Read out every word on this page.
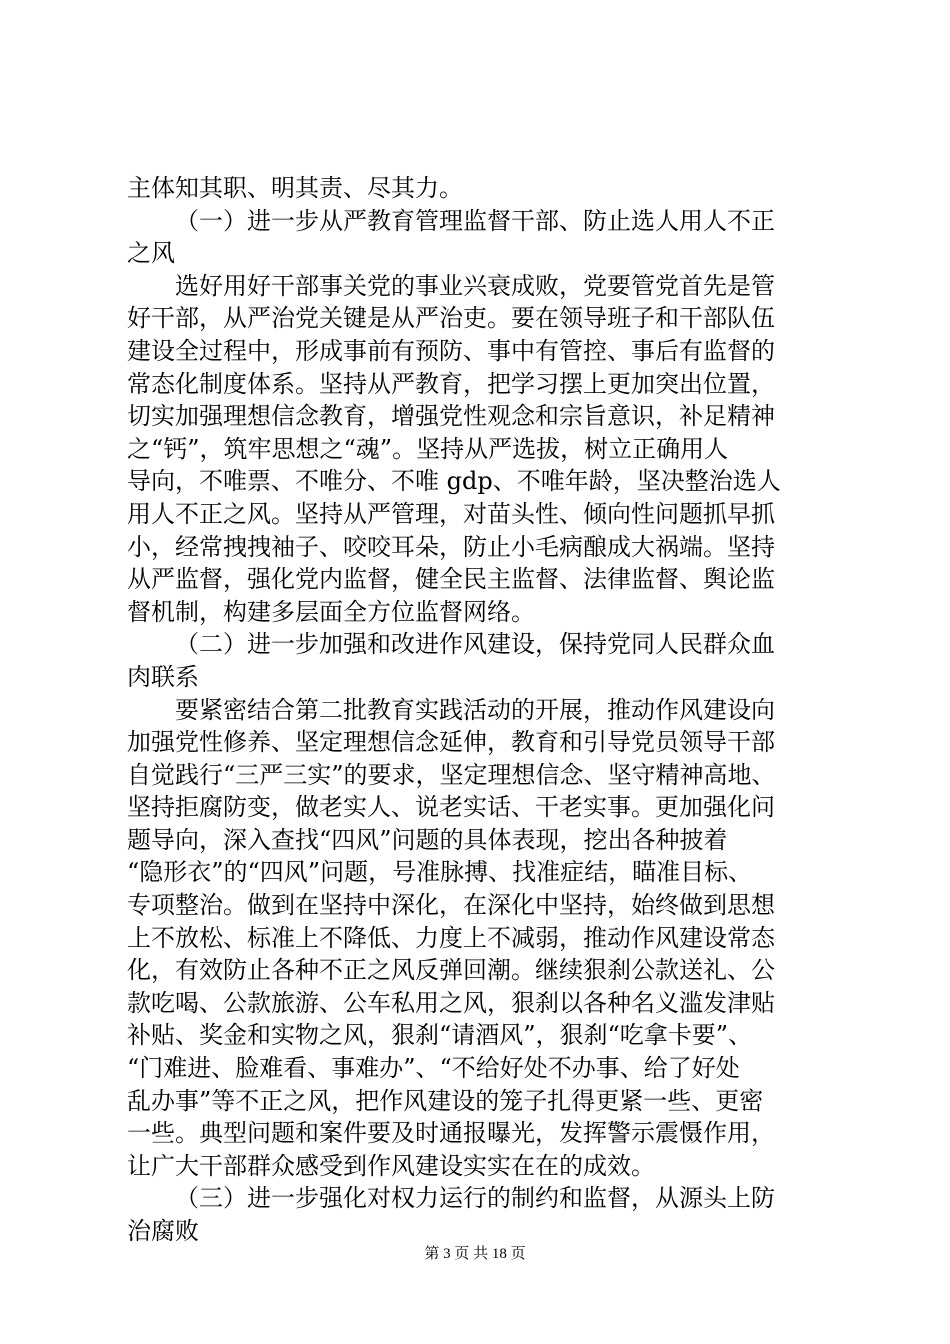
主体知其职、明其责、尽其力。
（一）进一步从严教育管理监督干部、防止选人用人不正
之风
选好用好干部事关党的事业兴衰成败，党要管党首先是管
好干部，从严治党关键是从严治吏。要在领导班子和干部队伍
建设全过程中，形成事前有预防、事中有管控、事后有监督的
常态化制度体系。坚持从严教育，把学习摆上更加突出位置，
切实加强理想信念教育，增强党性观念和宗旨意识，补足精神
之“钙”，筑牢思想之“魂”。坚持从严选拔，树立正确用人
导向，不唯票、不唯分、不唯 gdp、不唯年龄，坚决整治选人
用人不正之风。坚持从严管理，对苗头性、倾向性问题抓早抓
小，经常拽拽袖子、咬咬耳朵，防止小毛病酿成大祸端。坚持
从严监督，强化党内监督，健全民主监督、法律监督、舆论监
督机制，构建多层面全方位监督网络。
（二）进一步加强和改进作风建设，保持党同人民群众血
肉联系
要紧密结合第二批教育实践活动的开展，推动作风建设向
加强党性修养、坚定理想信念延伸，教育和引导党员领导干部
自觉践行“三严三实”的要求，坚定理想信念、坚守精神高地、
坚持拒腐防变，做老实人、说老实话、干老实事。更加强化问
题导向，深入查找“四风”问题的具体表现，挖出各种披着
“隐形衣”的“四风”问题，号准脉搏、找准症结，瞄准目标、
专项整治。做到在坚持中深化，在深化中坚持，始终做到思想
上不放松、标准上不降低、力度上不减弱，推动作风建设常态
化，有效防止各种不正之风反弹回潮。继续狠刹公款送礼、公
款吃喝、公款旅游、公车私用之风，狠刹以各种名义滥发津贴
补贴、奖金和实物之风，狠刹“请酒风”，狠刹“吃拿卡要”、
“门难进、脸难看、事难办”、“不给好处不办事、给了好处
乱办事”等不正之风，把作风建设的笼子扎得更紧一些、更密
一些。典型问题和案件要及时通报曝光，发挥警示震慑作用，
让广大干部群众感受到作风建设实实在在的成效。
（三）进一步强化对权力运行的制约和监督，从源头上防
治腐败
第 3 页 共 18 页
